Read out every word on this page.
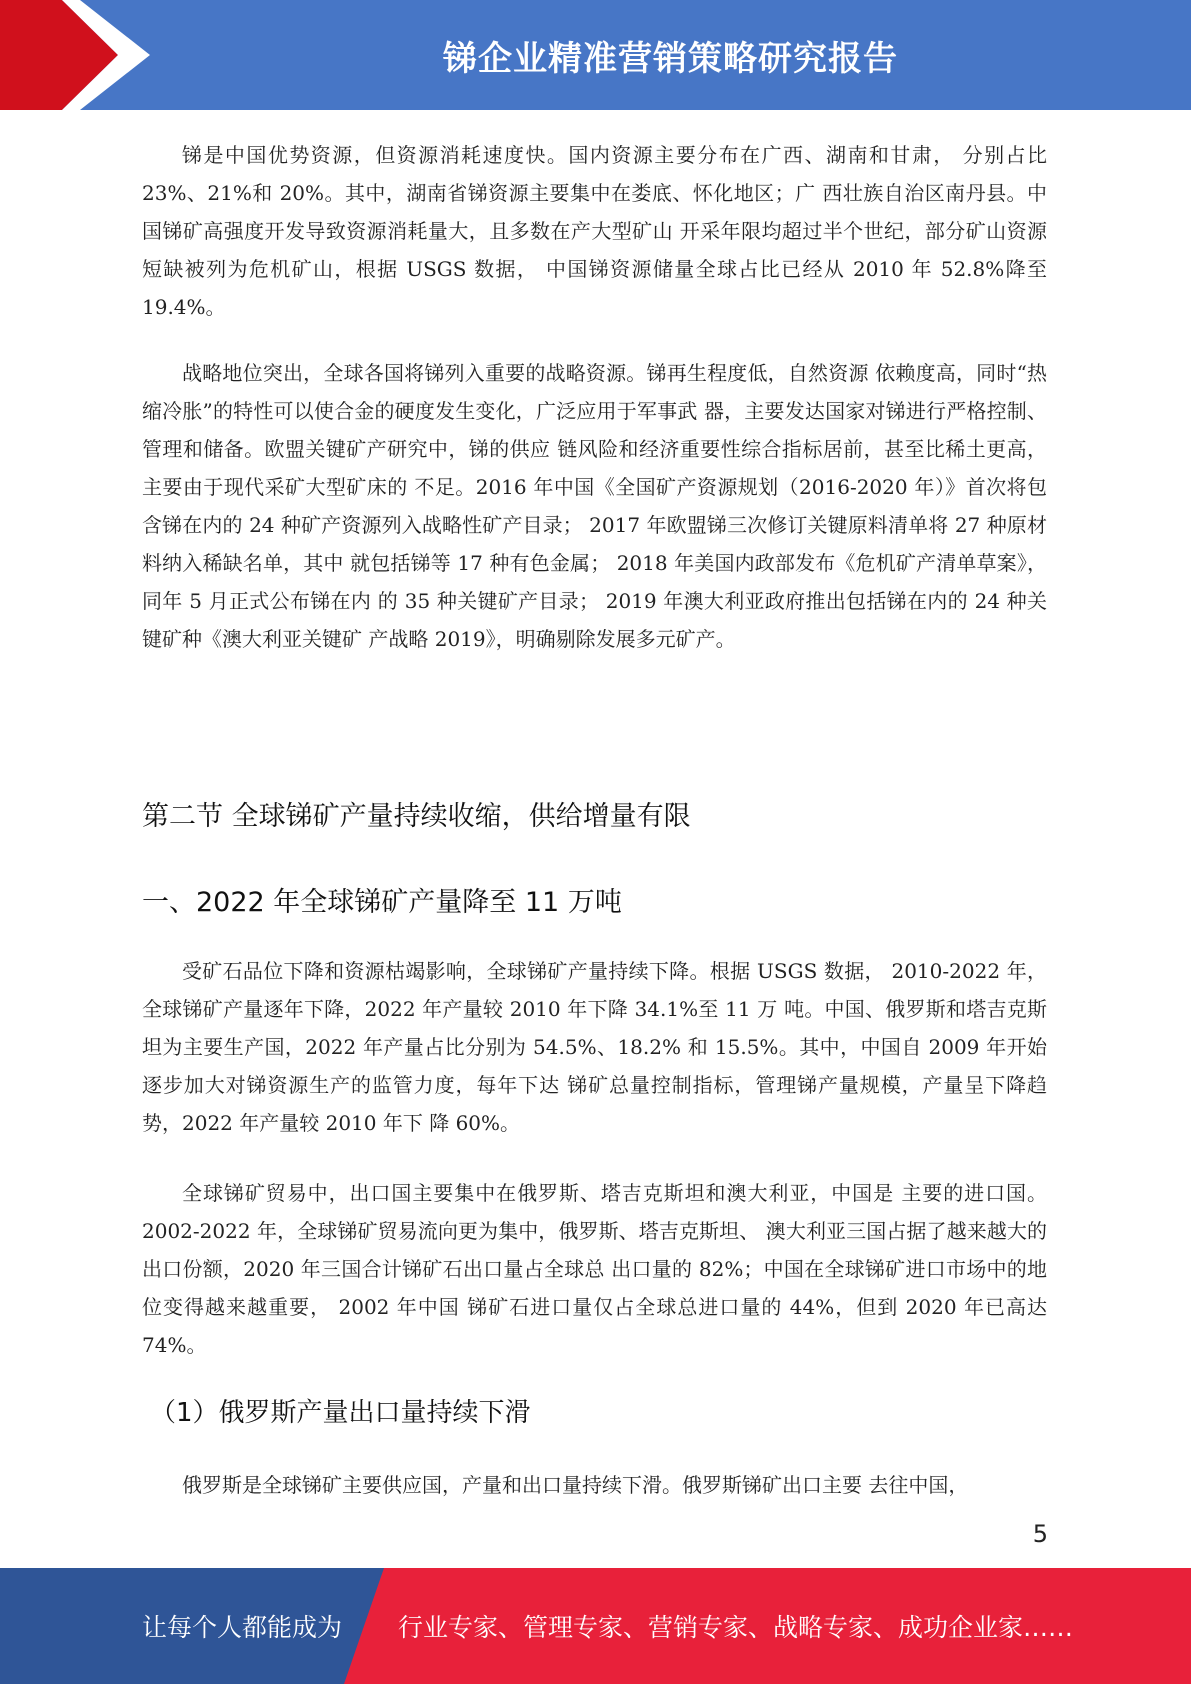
锑企业精准营销策略研究报告

锑是中国优势资源，但资源消耗速度快。国内资源主要分布在广西、湖南和甘肃， 分别占比 23%、21%和 20%。其中，湖南省锑资源主要集中在娄底、怀化地区；广 西壮族自治区南丹县。中国锑矿高强度开发导致资源消耗量大，且多数在产大型矿山 开采年限均超过半个世纪，部分矿山资源短缺被列为危机矿山，根据 USGS 数据， 中国锑资源储量全球占比已经从 2010 年 52.8%降至 19.4%。

战略地位突出，全球各国将锑列入重要的战略资源。锑再生程度低，自然资源 依赖度高，同时“热缩冷胀”的特性可以使合金的硬度发生变化，广泛应用于军事武 器，主要发达国家对锑进行严格控制、管理和储备。欧盟关键矿产研究中，锑的供应 链风险和经济重要性综合指标居前，甚至比稀土更高，主要由于现代采矿大型矿床的 不足。2016 年中国《全国矿产资源规划（2016-2020 年）》首次将包含锑在内的 24 种矿产资源列入战略性矿产目录； 2017 年欧盟锑三次修订关键原料清单将 27 种原材料纳入稀缺名单，其中 就包括锑等 17 种有色金属； 2018 年美国内政部发布《危机矿产清单草案》，同年 5 月正式公布锑在内 的 35 种关键矿产目录； 2019 年澳大利亚政府推出包括锑在内的 24 种关键矿种《澳大利亚关键矿 产战略 2019》，明确剔除发展多元矿产。

第二节 全球锑矿产量持续收缩，供给增量有限
一、2022 年全球锑矿产量降至 11 万吨

受矿石品位下降和资源枯竭影响，全球锑矿产量持续下降。根据 USGS 数据， 2010-2022 年，全球锑矿产量逐年下降，2022 年产量较 2010 年下降 34.1%至 11 万 吨。中国、俄罗斯和塔吉克斯坦为主要生产国，2022 年产量占比分别为 54.5%、18.2% 和 15.5%。其中，中国自 2009 年开始逐步加大对锑资源生产的监管力度，每年下达 锑矿总量控制指标，管理锑产量规模，产量呈下降趋势，2022 年产量较 2010 年下 降 60%。

全球锑矿贸易中，出口国主要集中在俄罗斯、塔吉克斯坦和澳大利亚，中国是 主要的进口国。2002-2022 年，全球锑矿贸易流向更为集中，俄罗斯、塔吉克斯坦、 澳大利亚三国占据了越来越大的出口份额，2020 年三国合计锑矿石出口量占全球总 出口量的 82%；中国在全球锑矿进口市场中的地位变得越来越重要， 2002 年中国 锑矿石进口量仅占全球总进口量的 44%，但到 2020 年已高达 74%。

（1）俄罗斯产量出口量持续下滑

俄罗斯是全球锑矿主要供应国，产量和出口量持续下滑。俄罗斯锑矿出口主要 去往中国，

5
让每个人都能成为 行业专家、管理专家、营销专家、战略专家、成功企业家……
